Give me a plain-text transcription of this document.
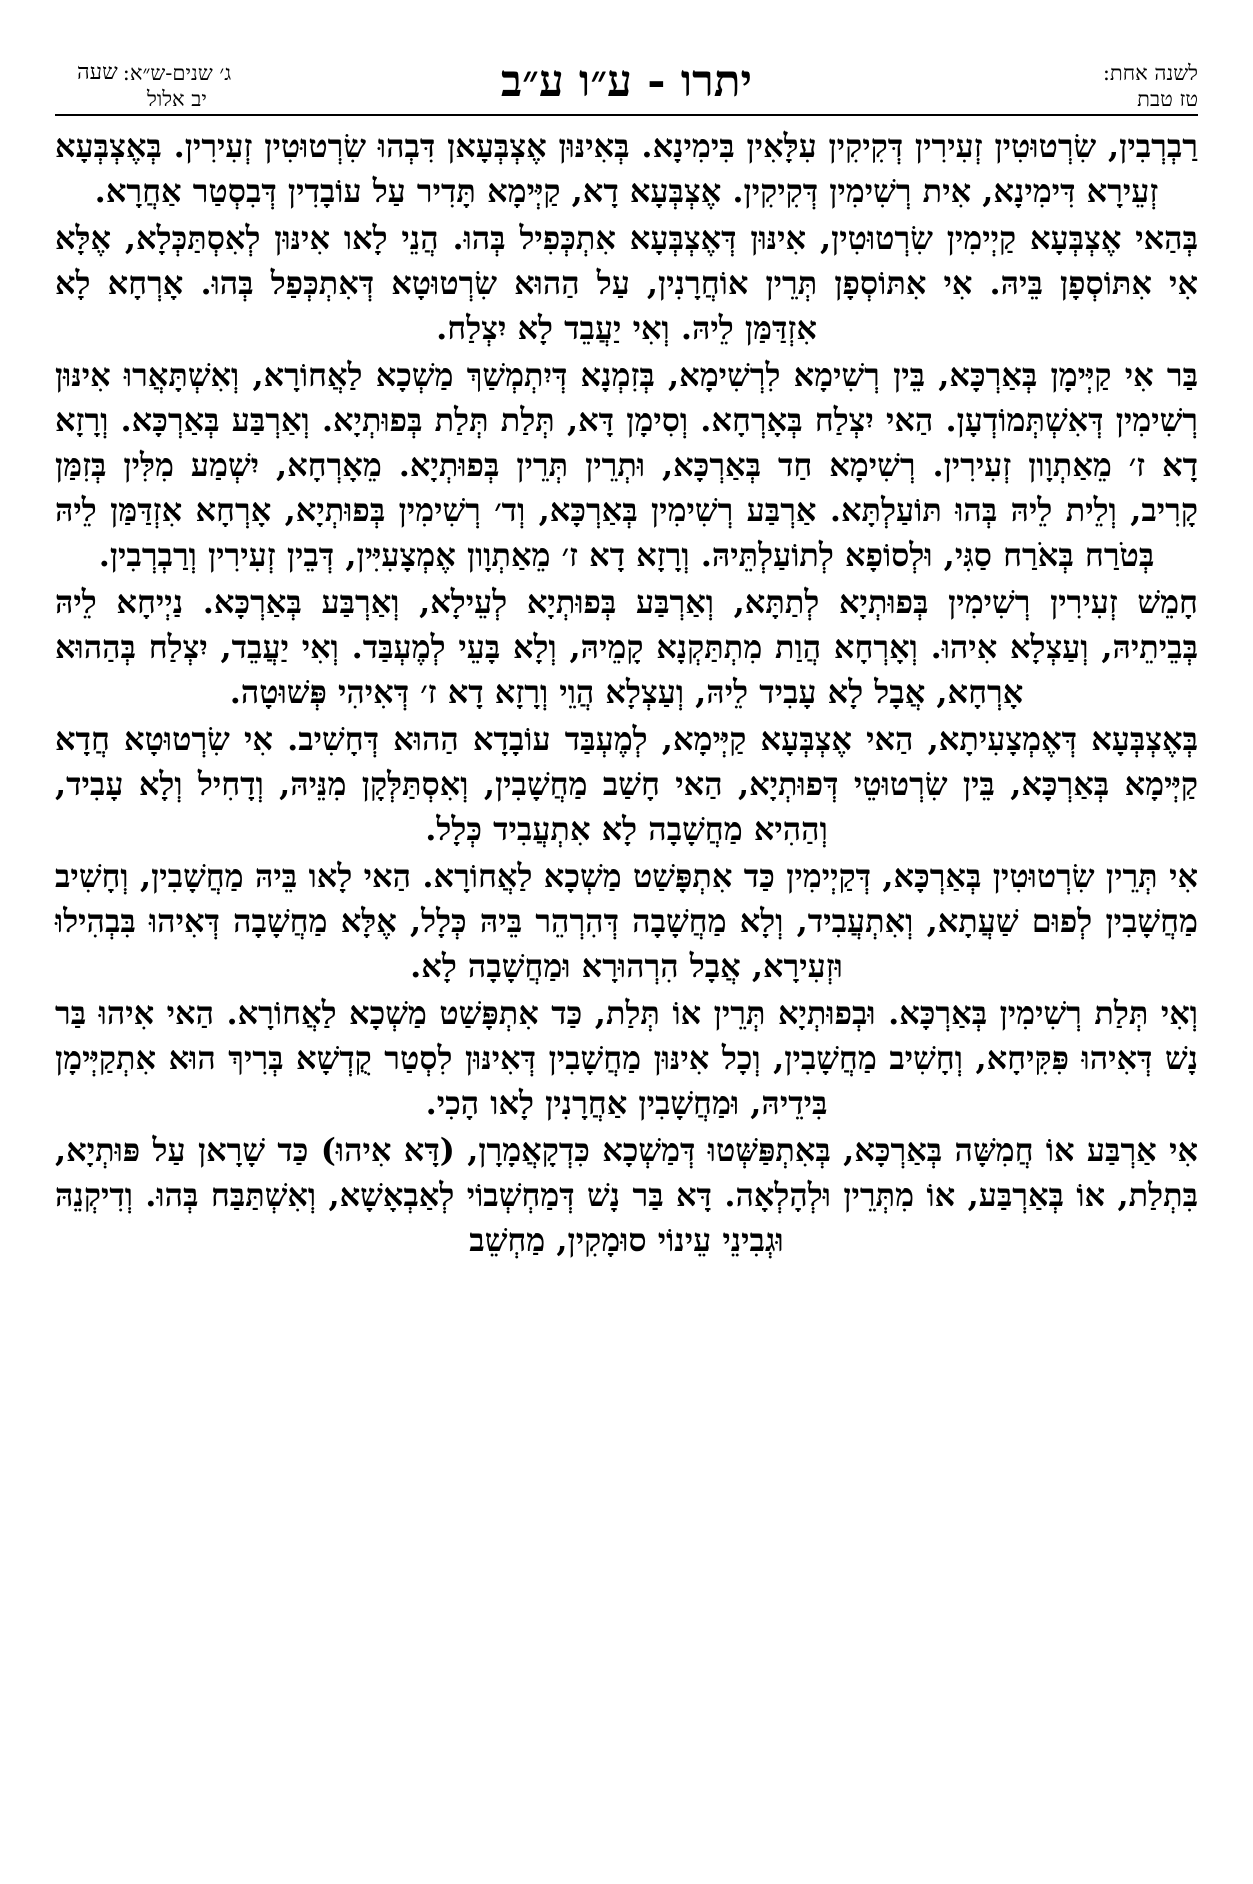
לשנה אחת:
טז טבת
יתרו - ע״ו ע״ב
ג׳ שנים-ש״א:
יב אלול
שעה

רַבְרְבִין, שִׂרְטוּטִין זְעִירִין דְּקִיקִין עִלָּאִין בִּימִינָא. בְּאִינּוּן אֶצְבְּעָאן דִּבְהוּ שִׂרְטוּטִין זְעִירִין. בְּאֶצְבְּעָא זְעֵירָא דִּימִינָא, אִית רְשִׁימִין דְּקִיקִין. אֶצְבְּעָא דָא, קַיְּימָא תָּדִיר עַל עוֹבָדִין דְּבִסְטַר אַחֲרָא.

בְּהַאי אֶצְבְּעָא קַיְימִין שִׂרְטוּטִין, אִינּוּן דְּאֶצְבְּעָא אִתְכְּפִיל בְּהוּ. הֲנֵי לָאו אִינּוּן לְאִסְתַּכְּלָא, אֶלָּא אִי אִתּוֹסְפָן בֵּיהּ. אִי אִתּוֹסְפָן תְּרֵין אוֹחֲרָנִין, עַל הַהוּא שִׂרְטוּטָא דְּאִתְכְּפַל בְּהוּ. אָרְחָא לָא אִזְדַּמַּן לֵיהּ. וְאִי יַעֲבֵד לָא יִצְלַח.

בַּר אִי קַיְּימָן בְּאַרְכָּא, בֵּין רְשִׁימָא לִרְשִׁימָא, בְּזִמְנָא דְּיִתְמְשַׁךְ מַשְׁכָא לַאֲחוֹרָא, וְאִשְׁתָּאֲרוּ אִינּוּן רְשִׁימִין דְּאִשְׁתְּמוֹדְעָן. הַאי יִצְלַח בְּאָרְחָא. וְסִימָן דָּא, תְּלַת תְּלַת בְּפוּתְיָא. וְאַרְבַּע בְּאַרְכָּא. וְרָזָא דָא ז׳ מֵאַתְוָון זְעִירִין. רְשִׁימָא חַד בְּאַרְכָּא, וּתְרֵין תְּרֵין בְּפוּתְיָא. מֵאָרְחָא, יִשְׁמַע מִלִּין בְּזִמַּן קָרִיב, וְלֵית לֵיהּ בְּהוּ תּוֹעַלְתָּא. אַרְבַּע רְשִׁימִין בְּאַרְכָּא, וְד׳ רְשִׁימִין בְּפוּתְיָא, אָרְחָא אִזְדַּמַּן לֵיהּ בְּטֹרַח בְּאֹרַח סַגִּי, וּלְסוֹפָא לְתוֹעַלְתֵּיהּ. וְרָזָא דָא ז׳ מֵאַתְוָון אֶמְצָעִיִּין, דְּבֵין זְעִירִין וְרַבְרְבִין.

חָמֵשׁ זְעִירִין רְשִׁימִין בְּפוּתְיָא לְתַתָּא, וְאַרְבַּע בְּפוּתְיָא לְעֵילָא, וְאַרְבַּע בְּאַרְכָּא. נַיְיחָא לֵיהּ בְּבֵיתֵיהּ, וְעַצְלָא אִיהוּ. וְאָרְחָא הֲוַת מִתְתַּקְנָא קָמֵיהּ, וְלָא בָּעֵי לְמֶעְבַּד. וְאִי יַעֲבֵד, יִצְלַח בְּהַהוּא אָרְחָא, אֲבָל לָא עָבִיד לֵיהּ, וְעַצְלָא הֲוֵי וְרָזָא דָא ז׳ דְּאִיהִי פְּשׁוּטָה.

בְּאֶצְבְּעָא דְּאֶמְצָעִיתָא, הַאי אֶצְבְּעָא קַיְּימָא, לְמֶעְבַּד עוֹבָדָא הַהוּא דְּחָשִׁיב. אִי שִׂרְטוּטָא חֲדָא קַיְּימָא בְּאַרְכָּא, בֵּין שִׂרְטוּטֵי דְּפוּתְיָא, הַאי חָשַׁב מַחֲשָׁבִין, וְאִסְתַּלְּקָן מִנֵּיהּ, וְדָחִיל וְלָא עָבִיד, וְהַהִיא מַחֲשָׁבָה לָא אִתְעֲבִיד כְּלָל.

אִי תְּרֵין שִׂרְטוּטִין בְּאַרְכָּא, דְּקַיְימִין כַּד אִתְפָּשַׁט מַשְׁכָא לַאֲחוֹרָא. הַאי לָאו בֵּיהּ מַחֲשָׁבִין, וְחָשִׁיב מַחֲשָׁבִין לְפוּם שַׁעֲתָא, וְאִתְעֲבִיד, וְלָא מַחֲשָׁבָה דְּהִרְהֵר בֵּיהּ כְּלָל, אֶלָּא מַחֲשָׁבָה דְּאִיהוּ בִּבְהִילוּ וּזְעִירָא, אֲבָל הִרְהוּרָא וּמַחֲשָׁבָה לָא.

וְאִי תְּלַת רְשִׁימִין בְּאַרְכָּא. וּבְפוּתְיָא תְּרֵין אוֹ תְּלַת, כַּד אִתְפָּשַׁט מַשְׁכָא לַאֲחוֹרָא. הַאי אִיהוּ בַּר נָשׁ דְּאִיהוּ פִּקִּיחָא, וְחָשִׁיב מַחֲשָׁבִין, וְכָל אִינּוּן מַחֲשָׁבִין דְּאִינּוּן לִסְטַר קֻדְשָׁא בְּרִיךְ הוּא אִתְקַיְּימָן בִּידֵיהּ, וּמַחֲשָׁבִין אַחֲרָנִין לָאו הָכִי.

אִי אַרְבַּע אוֹ חֲמִשָּׁה בְּאַרְכָּא, בְּאִתְפַּשְּׁטוּ דְּמַשְׁכָא כִּדְקָאֲמָרָן, (דָּא אִיהוּ) כַּד שָׁרָאן עַל פּוּתְיָא, בִּתְלַת, אוֹ בְּאַרְבַּע, אוֹ מִתְּרֵין וּלְהָלְאָה. דָּא בַּר נָשׁ דְּמַחְשְׁבוֹי לְאַבְאָשָׁא, וְאִשְׁתַּבַּח בְּהוּ. וְדִיקְנֵהּ וּגְבִינֵי עֵינוֹי סוּמָקִין, מַחְשֵׁב
